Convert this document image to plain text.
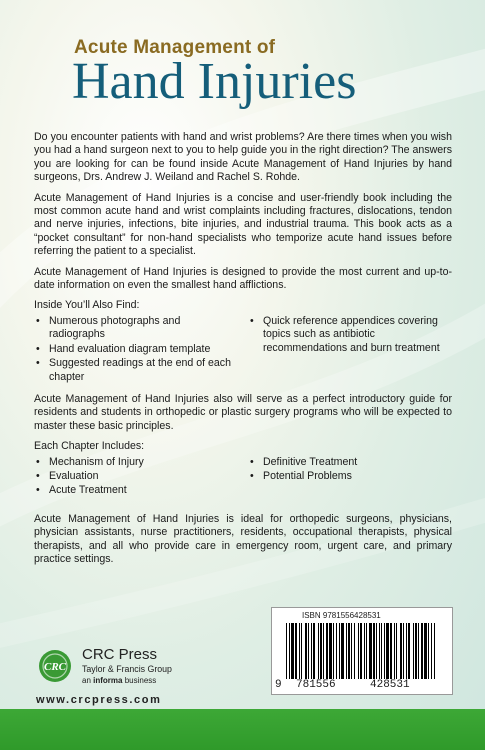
Acute Management of
Hand Injuries

Do you encounter patients with hand and wrist problems? Are there times when you wish you had a hand surgeon next to you to help guide you in the right direction? The answers you are looking for can be found inside Acute Management of Hand Injuries by hand surgeons, Drs. Andrew J. Weiland and Rachel S. Rohde.

Acute Management of Hand Injuries is a concise and user-friendly book including the most common acute hand and wrist complaints including fractures, dislocations, tendon and nerve injuries, infections, bite injuries, and industrial trauma. This book acts as a “pocket consultant” for non-hand specialists who temporize acute hand issues before referring the patient to a specialist.

Acute Management of Hand Injuries is designed to provide the most current and up-to-date information on even the smallest hand afflictions.

Inside You’ll Also Find:
• Numerous photographs and radiographs
• Hand evaluation diagram template
• Suggested readings at the end of each chapter
• Quick reference appendices covering topics such as antibiotic recommendations and burn treatment

Acute Management of Hand Injuries also will serve as a perfect introductory guide for residents and students in orthopedic or plastic surgery programs who will be expected to master these basic principles.

Each Chapter Includes:
• Mechanism of Injury
• Evaluation
• Acute Treatment
• Definitive Treatment
• Potential Problems

Acute Management of Hand Injuries is ideal for orthopedic surgeons, physicians, physician assistants, nurse practitioners, residents, occupational therapists, physical therapists, and all who provide care in emergency room, urgent care, and primary practice settings.

ISBN 9781556428531
9 781556	428531
CRC
CRC Press
Taylor & Francis Group
an informa business
www.crcpress.com
